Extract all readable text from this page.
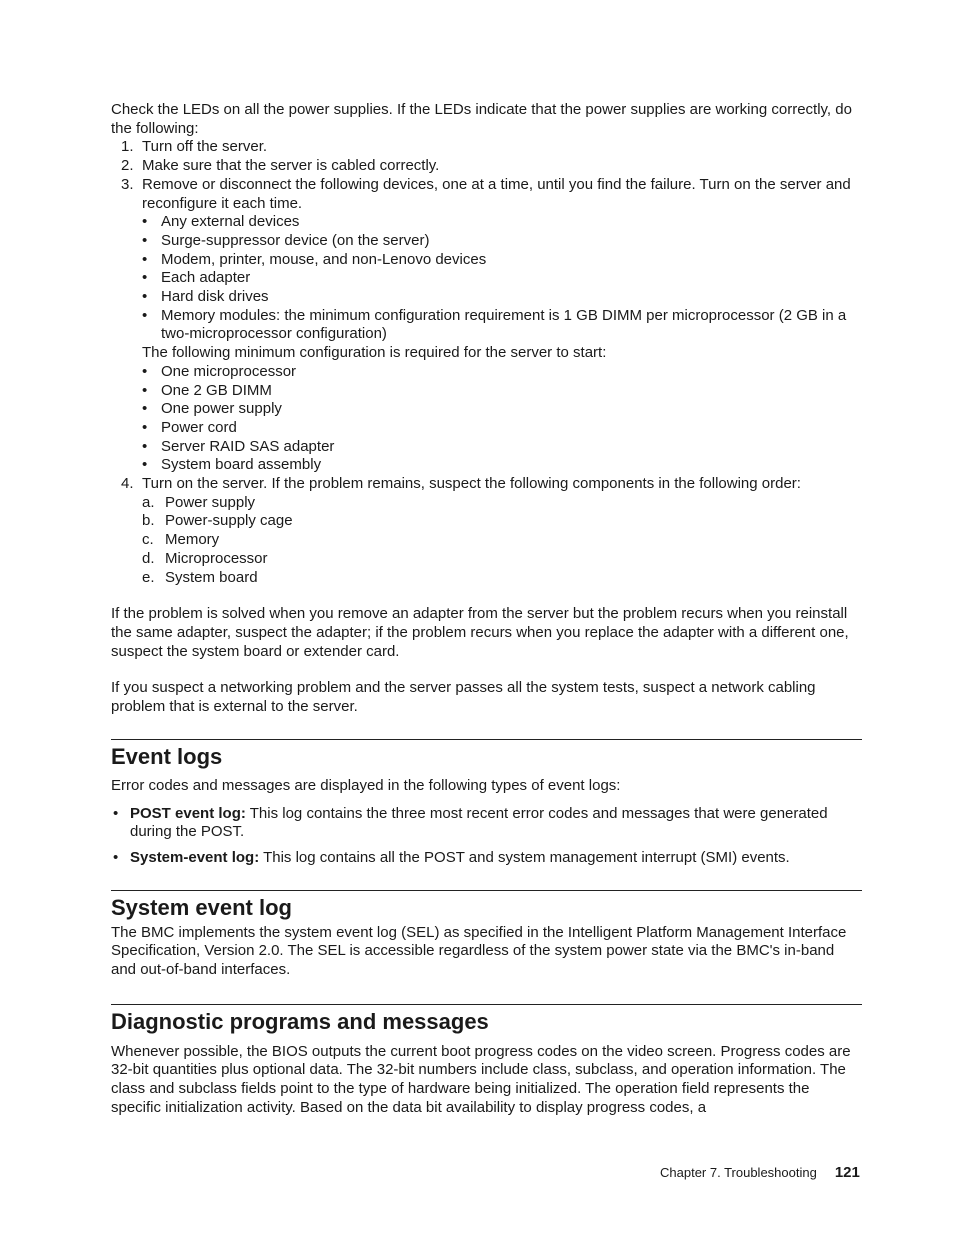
Check the LEDs on all the power supplies. If the LEDs indicate that the power supplies are working correctly, do the following:

1. Turn off the server.
2. Make sure that the server is cabled correctly.
3. Remove or disconnect the following devices, one at a time, until you find the failure. Turn on the server and reconfigure it each time.
• Any external devices
• Surge-suppressor device (on the server)
• Modem, printer, mouse, and non-Lenovo devices
• Each adapter
• Hard disk drives
• Memory modules: the minimum configuration requirement is 1 GB DIMM per microprocessor (2 GB in a two-microprocessor configuration)
The following minimum configuration is required for the server to start:
• One microprocessor
• One 2 GB DIMM
• One power supply
• Power cord
• Server RAID SAS adapter
• System board assembly
4. Turn on the server. If the problem remains, suspect the following components in the following order:
a. Power supply
b. Power-supply cage
c. Memory
d. Microprocessor
e. System board

If the problem is solved when you remove an adapter from the server but the problem recurs when you reinstall the same adapter, suspect the adapter; if the problem recurs when you replace the adapter with a different one, suspect the system board or extender card.

If you suspect a networking problem and the server passes all the system tests, suspect a network cabling problem that is external to the server.

Event logs

Error codes and messages are displayed in the following types of event logs:

• POST event log: This log contains the three most recent error codes and messages that were generated during the POST.
• System-event log: This log contains all the POST and system management interrupt (SMI) events.
System event log

The BMC implements the system event log (SEL) as specified in the Intelligent Platform Management Interface Specification, Version 2.0. The SEL is accessible regardless of the system power state via the BMC's in-band and out-of-band interfaces.

Diagnostic programs and messages

Whenever possible, the BIOS outputs the current boot progress codes on the video screen. Progress codes are 32-bit quantities plus optional data. The 32-bit numbers include class, subclass, and operation information. The class and subclass fields point to the type of hardware being initialized. The operation field represents the specific initialization activity. Based on the data bit availability to display progress codes, a

Chapter 7. Troubleshooting 121
